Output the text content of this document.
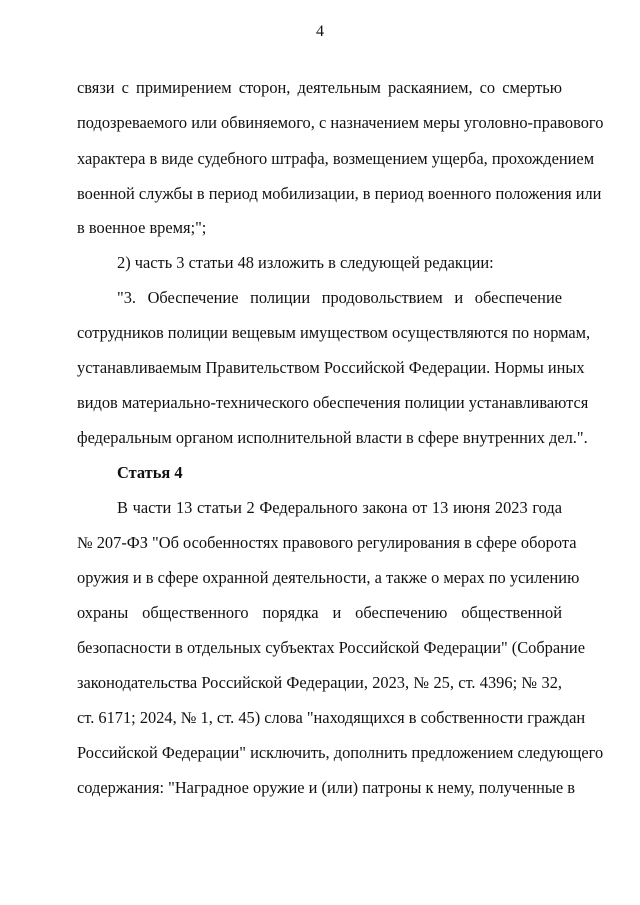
4
связи с примирением сторон, деятельным раскаянием, со смертью
подозреваемого или обвиняемого, с назначением меры уголовно-правового
характера в виде судебного штрафа, возмещением ущерба, прохождением
военной службы в период мобилизации, в период военного положения или
в военное время;";
2) часть 3 статьи 48 изложить в следующей редакции:
"3. Обеспечение полиции продовольствием и обеспечение
сотрудников полиции вещевым имуществом осуществляются по нормам,
устанавливаемым Правительством Российской Федерации. Нормы иных
видов материально-технического обеспечения полиции устанавливаются
федеральным органом исполнительной власти в сфере внутренних дел.".
Статья 4
В части 13 статьи 2 Федерального закона от 13 июня 2023 года
№ 207-ФЗ "Об особенностях правового регулирования в сфере оборота
оружия и в сфере охранной деятельности, а также о мерах по усилению
охраны общественного порядка и обеспечению общественной
безопасности в отдельных субъектах Российской Федерации" (Собрание
законодательства Российской Федерации, 2023, № 25, ст. 4396; № 32,
ст. 6171; 2024, № 1, ст. 45) слова "находящихся в собственности граждан
Российской Федерации" исключить, дополнить предложением следующего
содержания: "Наградное оружие и (или) патроны к нему, полученные в
